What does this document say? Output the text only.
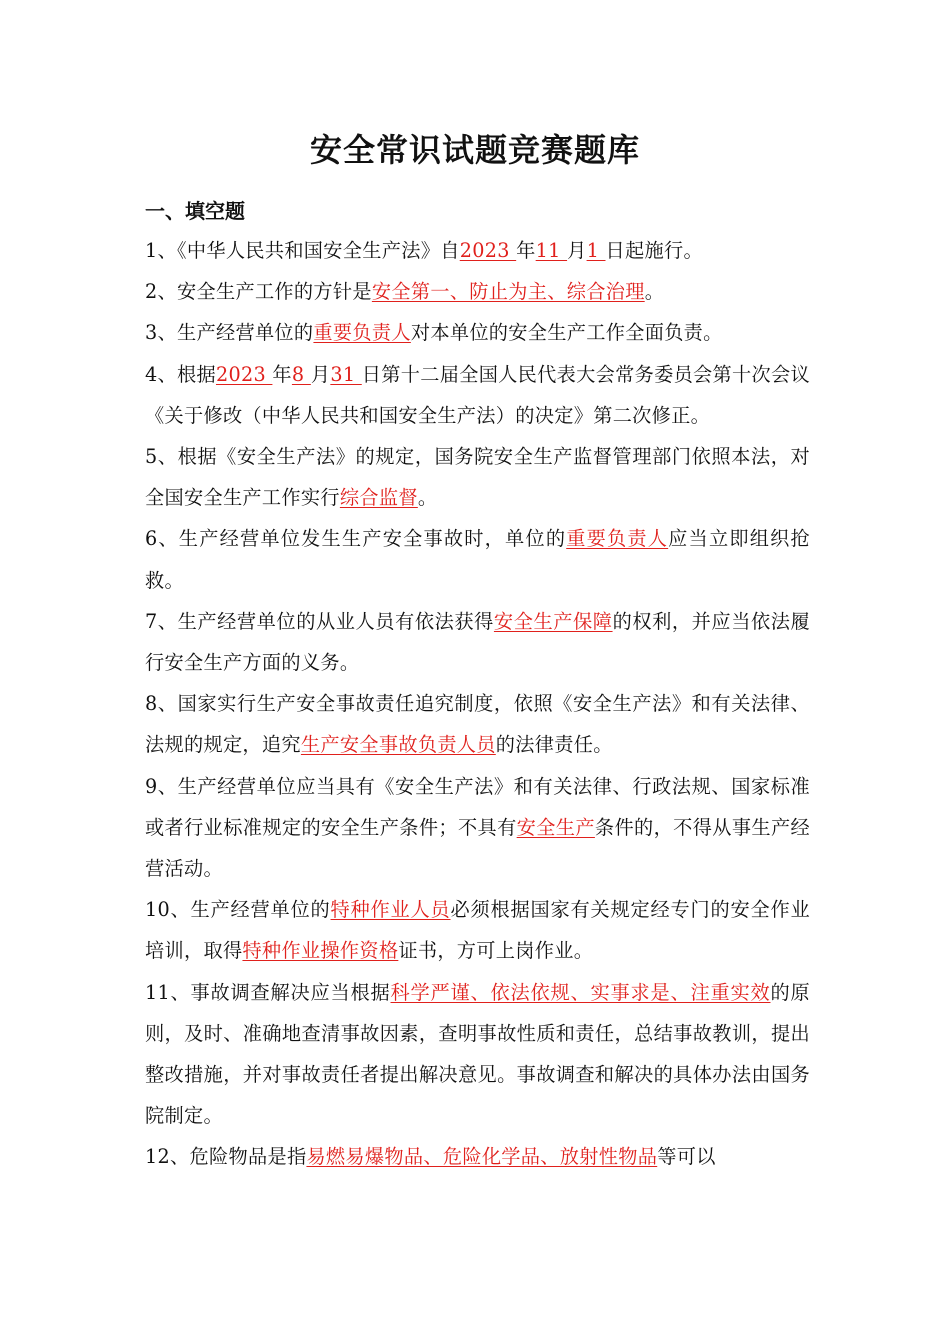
安全常识试题竞赛题库
一、填空题

1、《中华人民共和国安全生产法》自2023 年11 月1 日起施行。

2、安全生产工作的方针是安全第一、防止为主、综合治理。

3、生产经营单位的重要负责人对本单位的安全生产工作全面负责。

4、根据2023 年8 月31 日第十二届全国人民代表大会常务委员会第十次会议《关于修改（中华人民共和国安全生产法）的决定》第二次修正。

5、根据《安全生产法》的规定，国务院安全生产监督管理部门依照本法，对全国安全生产工作实行综合监督。

6、生产经营单位发生生产安全事故时，单位的重要负责人应当立即组织抢救。

7、生产经营单位的从业人员有依法获得安全生产保障的权利，并应当依法履行安全生产方面的义务。

8、国家实行生产安全事故责任追究制度，依照《安全生产法》和有关法律、法规的规定，追究生产安全事故负责人员的法律责任。

9、生产经营单位应当具有《安全生产法》和有关法律、行政法规、国家标准或者行业标准规定的安全生产条件；不具有安全生产条件的，不得从事生产经营活动。

10、生产经营单位的特种作业人员必须根据国家有关规定经专门的安全作业培训，取得特种作业操作资格证书，方可上岗作业。

11、事故调查解决应当根据科学严谨、依法依规、实事求是、注重实效的原则，及时、准确地查清事故因素，查明事故性质和责任，总结事故教训，提出整改措施，并对事故责任者提出解决意见。事故调查和解决的具体办法由国务院制定。

12、危险物品是指易燃易爆物品、危险化学品、放射性物品等可以
